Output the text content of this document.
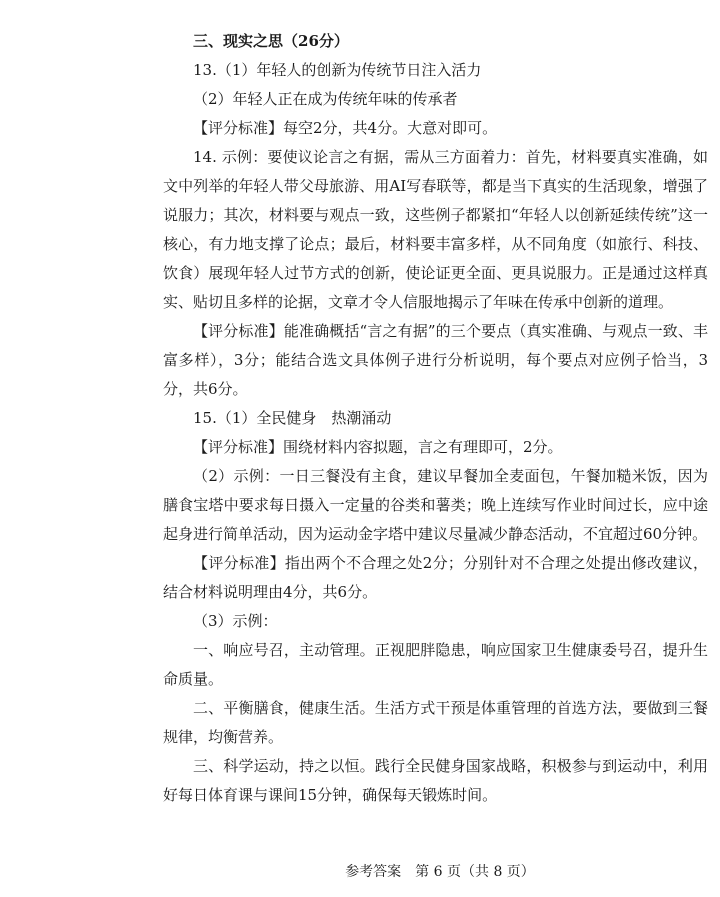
三、现实之思（26分）

13.（1）年轻人的创新为传统节日注入活力

（2）年轻人正在成为传统年味的传承者

【评分标准】每空2分，共4分。大意对即可。

14. 示例：要使议论言之有据，需从三方面着力：首先，材料要真实准确，如文中列举的年轻人带父母旅游、用AI写春联等，都是当下真实的生活现象，增强了说服力；其次，材料要与观点一致，这些例子都紧扣“年轻人以创新延续传统”这一核心，有力地支撑了论点；最后，材料要丰富多样，从不同角度（如旅行、科技、饮食）展现年轻人过节方式的创新，使论证更全面、更具说服力。正是通过这样真实、贴切且多样的论据，文章才令人信服地揭示了年味在传承中创新的道理。

【评分标准】能准确概括“言之有据”的三个要点（真实准确、与观点一致、丰富多样），3分；能结合选文具体例子进行分析说明，每个要点对应例子恰当，3分，共6分。

15.（1）全民健身　热潮涌动

【评分标准】围绕材料内容拟题，言之有理即可，2分。

（2）示例：一日三餐没有主食，建议早餐加全麦面包，午餐加糙米饭，因为膳食宝塔中要求每日摄入一定量的谷类和薯类；晚上连续写作业时间过长，应中途起身进行简单活动，因为运动金字塔中建议尽量减少静态活动，不宜超过60分钟。

【评分标准】指出两个不合理之处2分；分别针对不合理之处提出修改建议，结合材料说明理由4分，共6分。

（3）示例：

一、响应号召，主动管理。正视肥胖隐患，响应国家卫生健康委号召，提升生命质量。

二、平衡膳食，健康生活。生活方式干预是体重管理的首选方法，要做到三餐规律，均衡营养。

三、科学运动，持之以恒。践行全民健身国家战略，积极参与到运动中，利用好每日体育课与课间15分钟，确保每天锻炼时间。

参考答案　第 6 页（共 8 页）
